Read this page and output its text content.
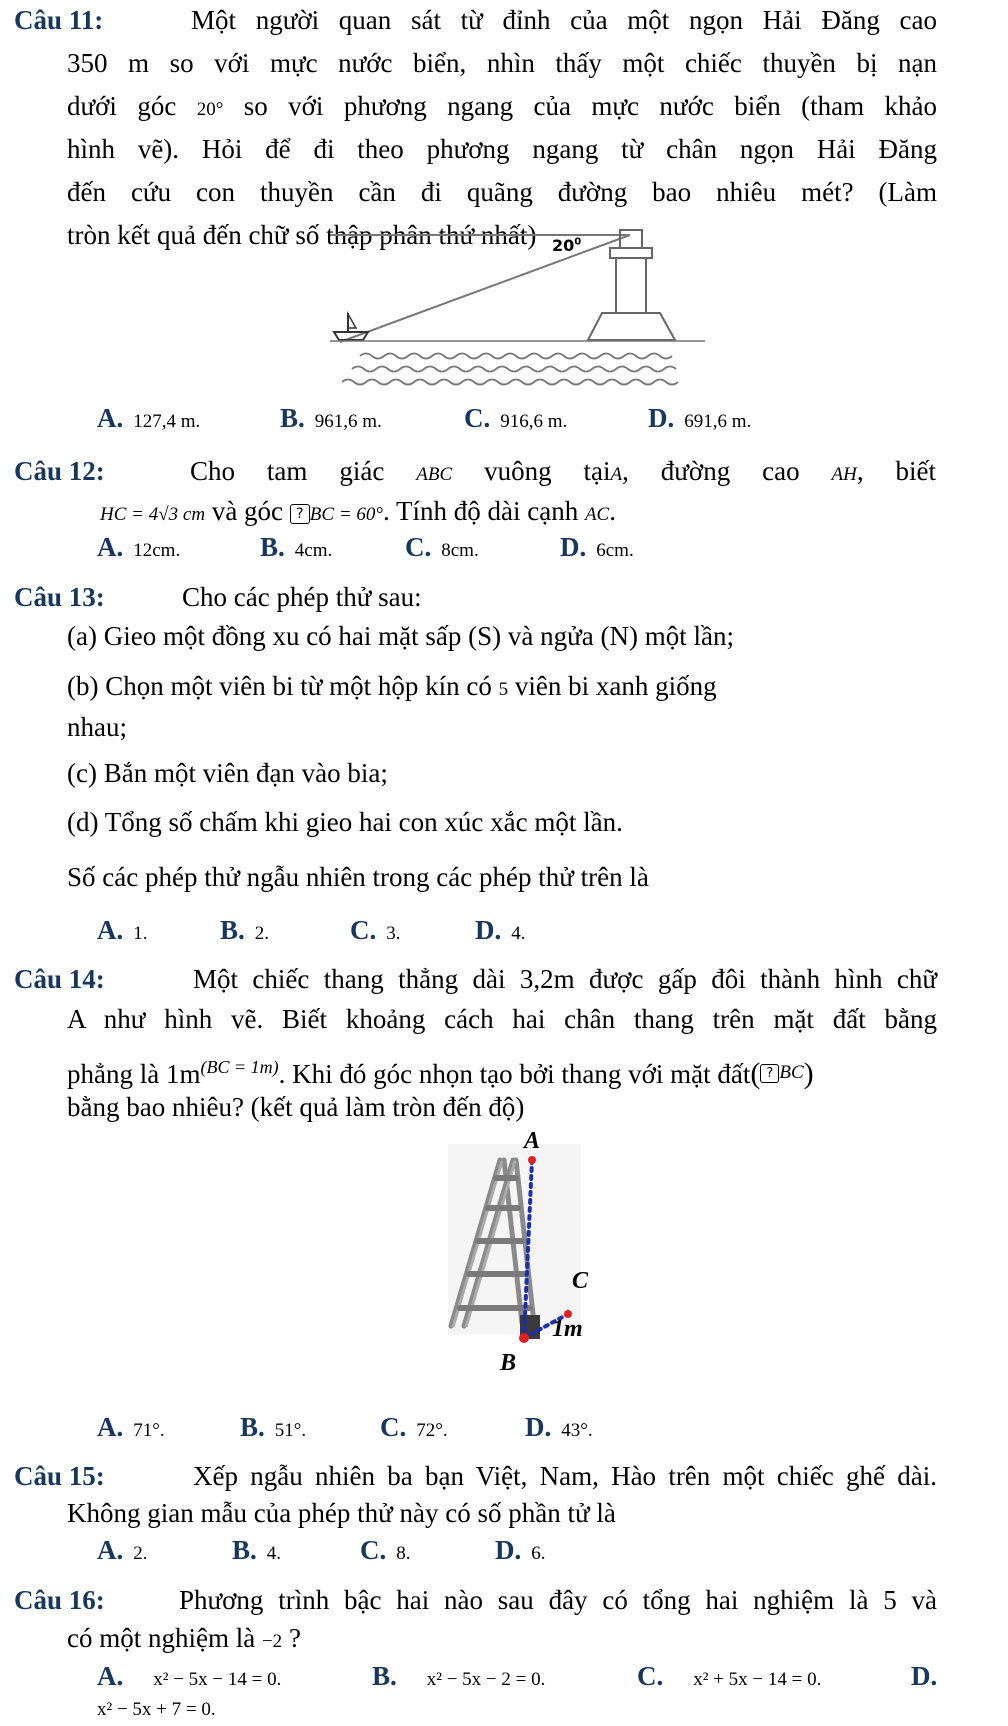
Câu 11:	Một người quan sát từ đỉnh của một ngọn Hải Đăng cao
350 m so với mực nước biển, nhìn thấy một chiếc thuyền bị nạn
dưới góc 20° so với phương ngang của mực nước biển (tham khảo
hình vẽ). Hỏi để đi theo phương ngang từ chân ngọn Hải Đăng
đến cứu con thuyền cần đi quãng đường bao nhiêu mét? (Làm
tròn kết quả đến chữ số thập phân thứ nhất) $20^0$
A. 127,4 m.	B. 961,6 m.	C. 916,6 m.	D. 691,6 m.
Câu 12:	Cho tam giác ABC vuông tạiA, đường cao AH, biết
HC = 4√3 cm và góc ? BC = 60°. Tính độ dài cạnh AC.
A. 12cm.	B. 4cm.	C. 8cm.	D. 6cm.
Câu 13:	Cho các phép thử sau:
(a) Gieo một đồng xu có hai mặt sấp (S) và ngửa (N) một lần;
(b) Chọn một viên bi từ một hộp kín có 5 viên bi xanh giống
nhau;
(c) Bắn một viên đạn vào bia;
(d) Tổng số chấm khi gieo hai con xúc xắc một lần.
Số các phép thử ngẫu nhiên trong các phép thử trên là
A. 1.	B. 2.	C. 3.	D. 4.
Câu 14:	Một chiếc thang thẳng dài 3,2m được gấp đôi thành hình chữ
A như hình vẽ. Biết khoảng cách hai chân thang trên mặt đất bằng
phẳng là $1m^{(BC = 1m)}$. Khi đó góc nhọn tạo bởi thang với mặt đất( ? BC)
bằng bao nhiêu? (kết quả làm tròn đến độ)
A
B
C
1m
A. 71°.	B. 51°.	C. 72°.	D. 43°.
Câu 15:	Xếp ngẫu nhiên ba bạn Việt, Nam, Hào trên một chiếc ghế dài.
Không gian mẫu của phép thử này có số phần tử là
A. 2.	B. 4.	C. 8.	D. 6.
Câu 16:	Phương trình bậc hai nào sau đây có tổng hai nghiệm là 5 và
có một nghiệm là −2 ?
A. x² − 5x − 14 = 0.	B. x² − 5x − 2 = 0.	C. x² + 5x − 14 = 0.	D.
x² − 5x + 7 = 0.
